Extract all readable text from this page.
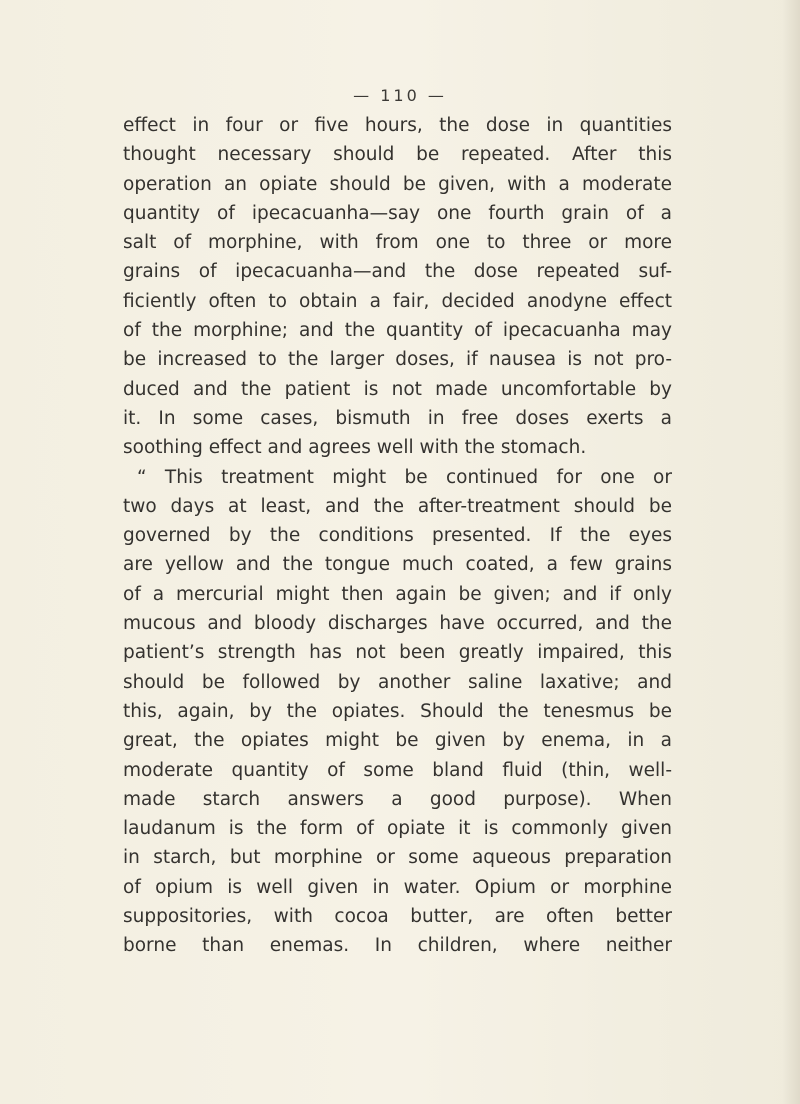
— 110 —
effect in four or five hours, the dose in quantities
thought necessary should be repeated. After this
operation an opiate should be given, with a moderate
quantity of ipecacuanha—say one fourth grain of a
salt of morphine, with from one to three or more
grains of ipecacuanha—and the dose repeated suf-
ficiently often to obtain a fair, decided anodyne effect
of the morphine; and the quantity of ipecacuanha may
be increased to the larger doses, if nausea is not pro-
duced and the patient is not made uncomfortable by
it. In some cases, bismuth in free doses exerts a
soothing effect and agrees well with the stomach.
“ This treatment might be continued for one or
two days at least, and the after-treatment should be
governed by the conditions presented. If the eyes
are yellow and the tongue much coated, a few grains
of a mercurial might then again be given; and if only
mucous and bloody discharges have occurred, and the
patient’s strength has not been greatly impaired, this
should be followed by another saline laxative; and
this, again, by the opiates. Should the tenesmus be
great, the opiates might be given by enema, in a
moderate quantity of some bland fluid (thin, well-
made starch answers a good purpose). When
laudanum is the form of opiate it is commonly given
in starch, but morphine or some aqueous preparation
of opium is well given in water. Opium or morphine
suppositories, with cocoa butter, are often better
borne than enemas. In children, where neither
